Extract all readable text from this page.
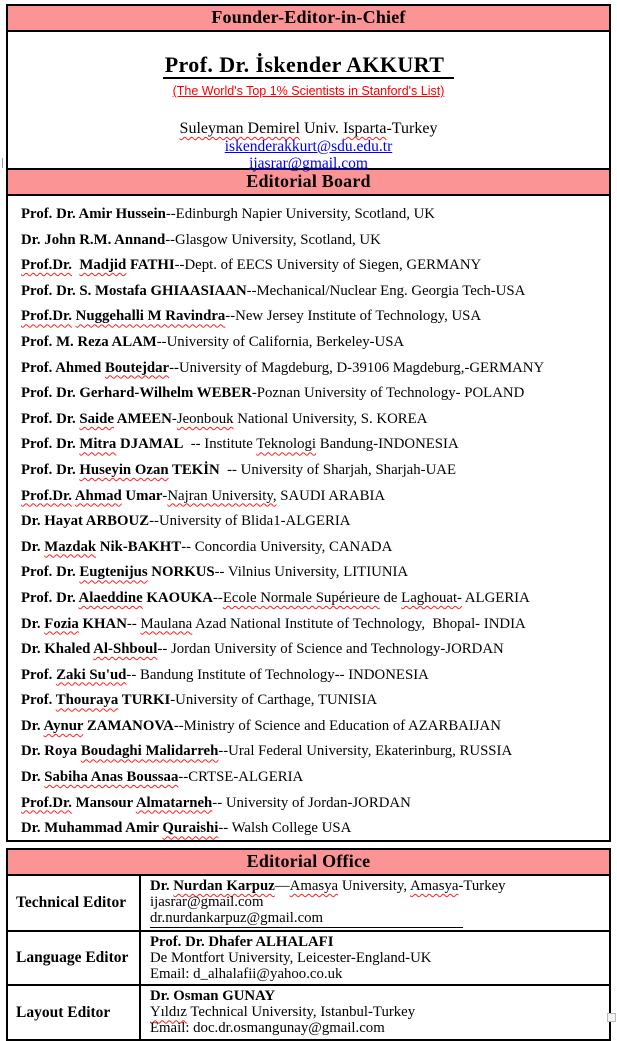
Founder-Editor-in-Chief
Prof. Dr. İskender AKKURT
(The World's Top 1% Scientists in Stanford's List)
Suleyman Demirel Univ. Isparta-Turkey
iskenderakkurt@sdu.edu.tr
ijasrar@gmail.com
Editorial Board
Prof. Dr. Amir Hussein--Edinburgh Napier University, Scotland, UK
Dr. John R.M. Annand--Glasgow University, Scotland, UK
Prof.Dr. Madjid FATHI--Dept. of EECS University of Siegen, GERMANY
Prof. Dr. S. Mostafa GHIAASIAAN--Mechanical/Nuclear Eng. Georgia Tech-USA
Prof.Dr. Nuggehalli M Ravindra--New Jersey Institute of Technology, USA
Prof. M. Reza ALAM--University of California, Berkeley-USA
Prof. Ahmed Boutejdar--University of Magdeburg, D-39106 Magdeburg,-GERMANY
Prof. Dr. Gerhard-Wilhelm WEBER-Poznan University of Technology- POLAND
Prof. Dr. Saide AMEEN-Jeonbouk National University, S. KOREA
Prof. Dr. Mitra DJAMAL  -- Institute Teknologi Bandung-INDONESIA
Prof. Dr. Huseyin Ozan TEKİN  -- University of Sharjah, Sharjah-UAE
Prof.Dr. Ahmad Umar-Najran University, SAUDI ARABIA
Dr. Hayat ARBOUZ--University of Blida1-ALGERIA
Dr. Mazdak Nik-BAKHT-- Concordia University, CANADA
Prof. Dr. Eugtenijus NORKUS-- Vilnius University, LITIUNIA
Prof. Dr. Alaeddine KAOUKA--Ecole Normale Supérieure de Laghouat- ALGERIA
Dr. Fozia KHAN-- Maulana Azad National Institute of Technology,  Bhopal- INDIA
Dr. Khaled Al-Shboul-- Jordan University of Science and Technology-JORDAN
Prof. Zaki Su'ud-- Bandung Institute of Technology-- INDONESIA
Prof. Thouraya TURKI-University of Carthage, TUNISIA
Dr. Aynur ZAMANOVA--Ministry of Science and Education of AZARBAIJAN
Dr. Roya Boudaghi Malidarreh--Ural Federal University, Ekaterinburg, RUSSIA
Dr. Sabiha Anas Boussaa--CRTSE-ALGERIA
Prof.Dr. Mansour Almatarneh-- University of Jordan-JORDAN
Dr. Muhammad Amir Quraishi-- Walsh College USA
Editorial Office
Technical Editor
Dr. Nurdan Karpuz—Amasya University, Amasya-Turkey
ijasrar@gmail.com
dr.nurdankarpuz@gmail.com
Language Editor
Prof. Dr. Dhafer ALHALAFI
De Montfort University, Leicester-England-UK
Email: d_alhalafii@yahoo.co.uk
Layout Editor
Dr. Osman GUNAY
Yıldız Technical University, Istanbul-Turkey
Email: doc.dr.osmangunay@gmail.com
